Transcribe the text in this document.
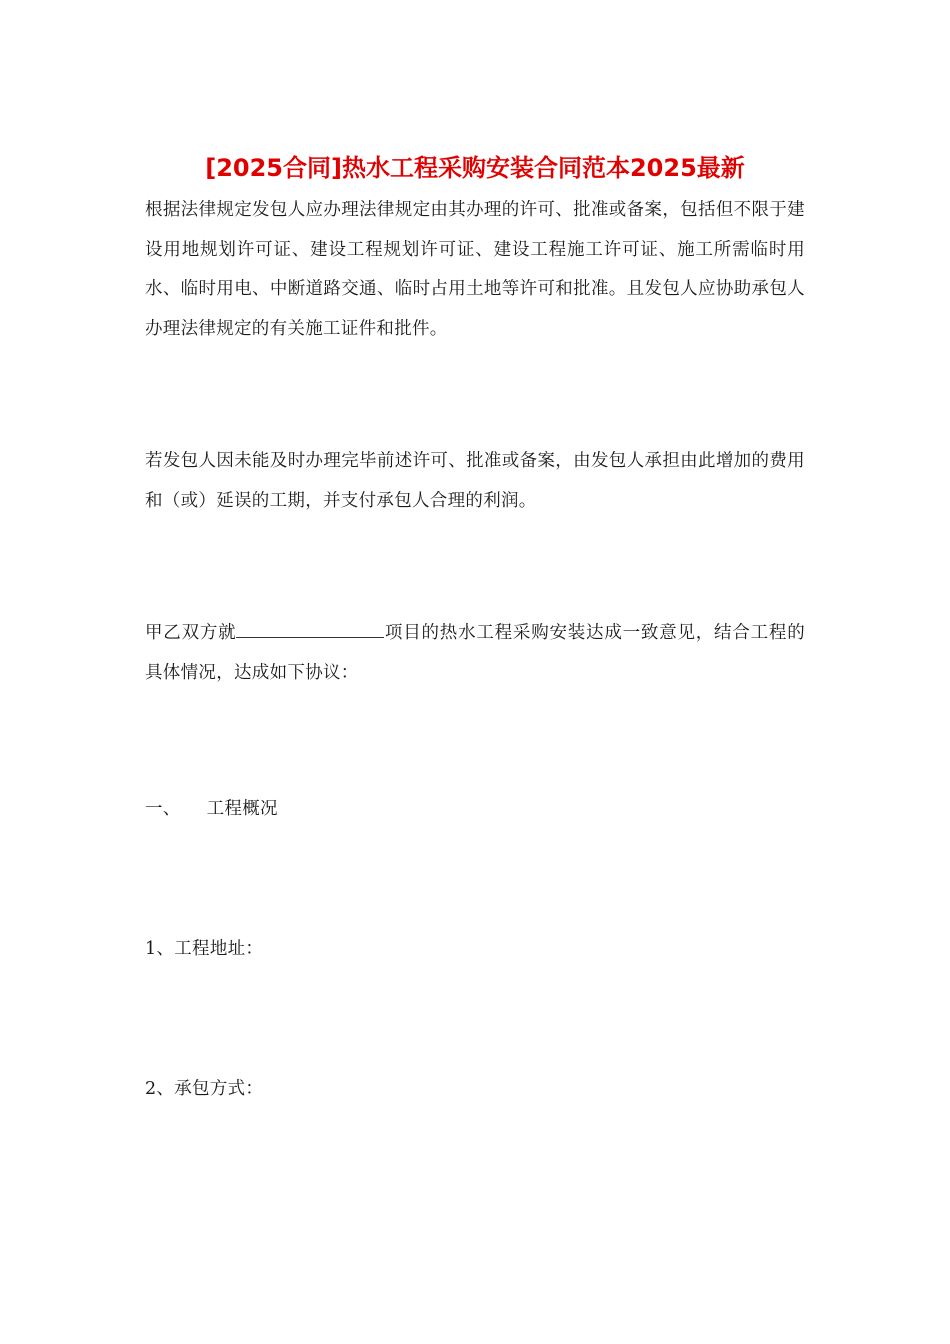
[2025合同]热水工程采购安装合同范本2025最新

根据法律规定发包人应办理法律规定由其办理的许可、批准或备案，包括但不限于建设用地规划许可证、建设工程规划许可证、建设工程施工许可证、施工所需临时用水、临时用电、中断道路交通、临时占用土地等许可和批准。且发包人应协助承包人办理法律规定的有关施工证件和批件。

若发包人因未能及时办理完毕前述许可、批准或备案，由发包人承担由此增加的费用和（或）延误的工期，并支付承包人合理的利润。

甲乙双方就	项目的热水工程采购安装达成一致意见，结合工程的具体情况，达成如下协议：

一、 工程概况

1、工程地址：

2、承包方式：
